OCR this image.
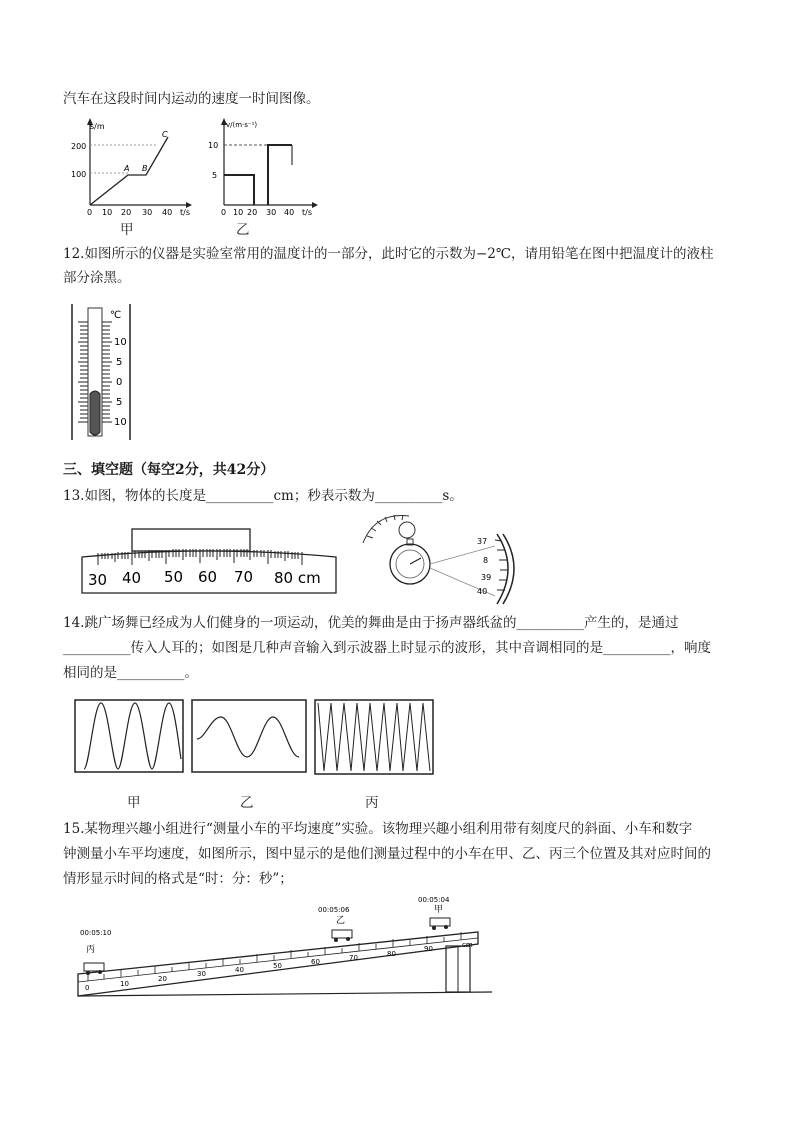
汽车在这段时间内运动的速度一时间图像。
s/m
t/s
200
100
0 10 20 30 40
A B
C
甲
v/(m·s⁻¹)
t/s
10
5
0 10 20 30 40
乙
12.如图所示的仪器是实验室常用的温度计的一部分，此时它的示数为−2℃，请用铅笔在图中把温度计的液柱
部分涂黑。
℃
10
5
0
5
10
三、填空题（每空2分，共42分）
13.如图，物体的长度是__________cm；秒表示数为__________s。
30 40 50 60 70 80 cm
37
8
39
40
14.跳广场舞已经成为人们健身的一项运动，优美的舞曲是由于扬声器纸盆的__________产生的，是通过
__________传入人耳的；如图是几种声音输入到示波器上时显示的波形，其中音调相同的是__________，响度
相同的是__________。
甲	乙	丙
15.某物理兴趣小组进行“测量小车的平均速度”实验。该物理兴趣小组利用带有刻度尺的斜面、小车和数字
钟测量小车平均速度，如图所示，图中显示的是他们测量过程中的小车在甲、乙、丙三个位置及其对应时间的
情形显示时间的格式是“时：分：秒”；
0	10
20
30	40	50	60	70	80
90	cm
丙
00:05:10
乙
00:05:06	甲
00:05:04
